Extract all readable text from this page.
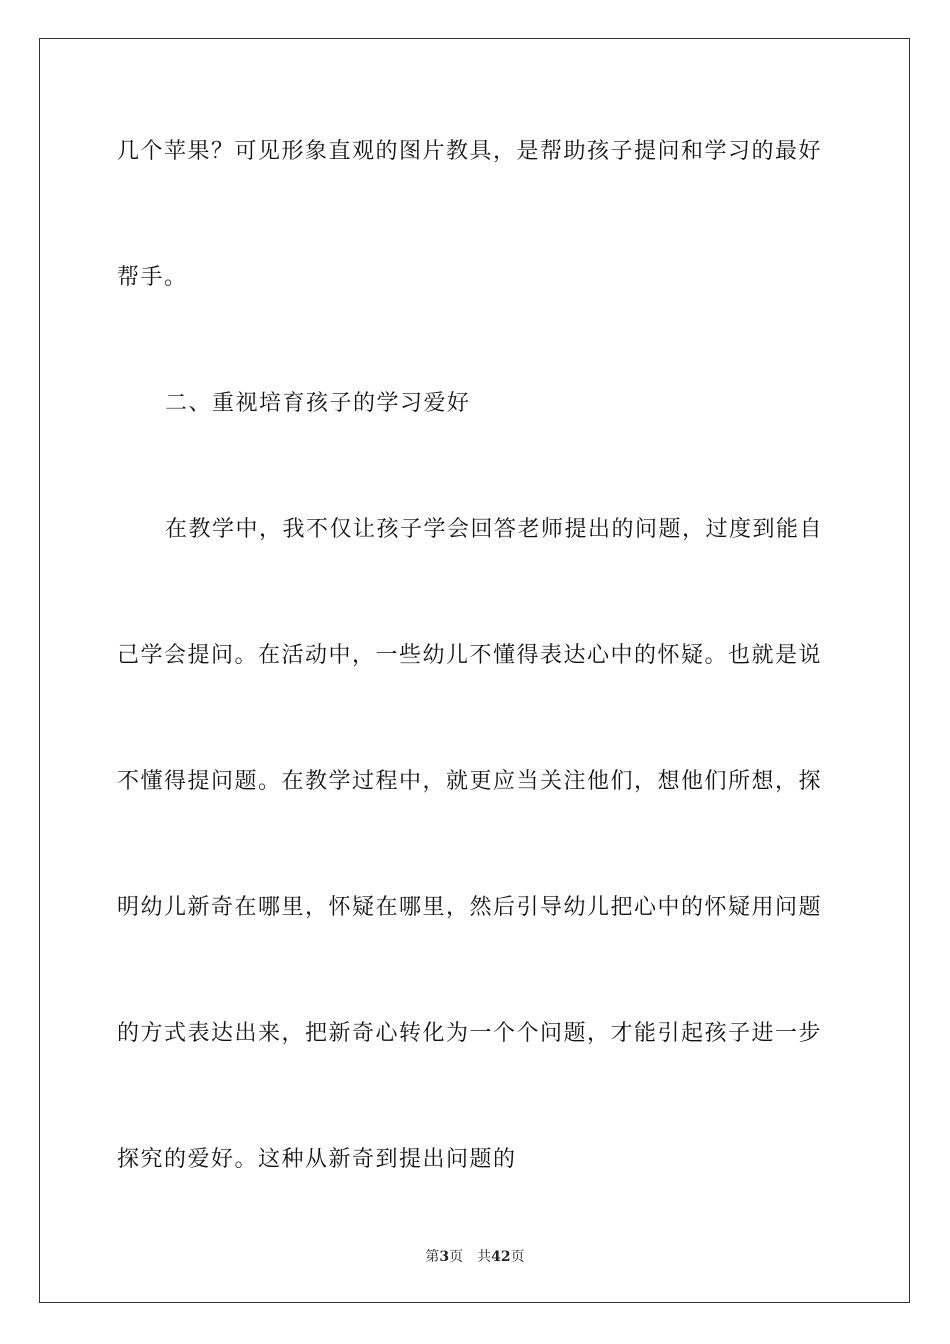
几个苹果？可见形象直观的图片教具，是帮助孩子提问和学习的最好
帮手。
二、重视培育孩子的学习爱好
在教学中，我不仅让孩子学会回答老师提出的问题，过度到能自
己学会提问。在活动中，一些幼儿不懂得表达心中的怀疑。也就是说
不懂得提问题。在教学过程中，就更应当关注他们，想他们所想，探
明幼儿新奇在哪里，怀疑在哪里，然后引导幼儿把心中的怀疑用问题
的方式表达出来，把新奇心转化为一个个问题，才能引起孩子进一步
探究的爱好。这种从新奇到提出问题的
第3页 共42页
